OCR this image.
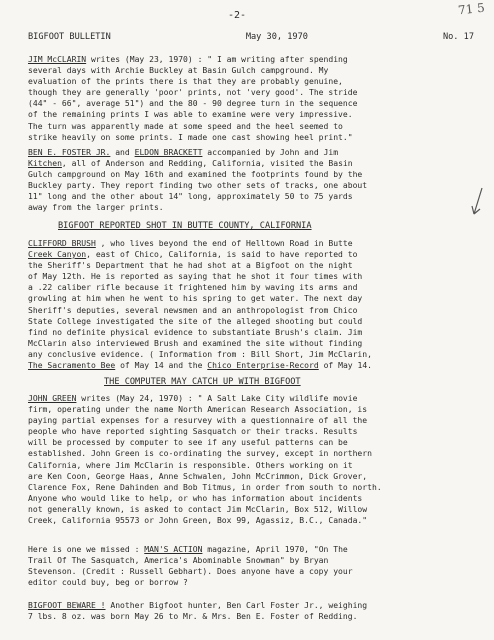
-2-	71 5
BIGFOOT BULLETIN	May 30, 1970	No. 17

JIM McCLARIN writes (May 23, 1970) : " I am writing after spending

several days with Archie Buckley at Basin Gulch campground. My

evaluation of the prints there is that they are probably genuine,

though they are generally 'poor' prints, not 'very good'. The stride

(44" - 66", average 51") and the 80 - 90 degree turn in the sequence

of the remaining prints I was able to examine were very impressive.

The turn was apparently made at some speed and the heel seemed to

strike heavily on some prints. I made one cast showing heel print."

BEN E. FOSTER JR. and ELDON BRACKETT accompanied by John and Jim

Kitchen, all of Anderson and Redding, California, visited the Basin

Gulch campground on May 16th and examined the footprints found by the

Buckley party. They report finding two other sets of tracks, one about

11" long and the other about 14" long, approximately 50 to 75 yards

away from the larger prints.

BIGFOOT REPORTED SHOT IN BUTTE COUNTY, CALIFORNIA

CLIFFORD BRUSH , who lives beyond the end of Helltown Road in Butte

Creek Canyon, east of Chico, California, is said to have reported to

the Sheriff's Department that he had shot at a Bigfoot on the night

of May 12th. He is reported as saying that he shot it four times with

a .22 caliber rifle because it frightened him by waving its arms and

growling at him when he went to his spring to get water. The next day

Sheriff's deputies, several newsmen and an anthropologist from Chico

State College investigated the site of the alleged shooting but could

find no definite physical evidence to substantiate Brush's claim. Jim

McClarin also interviewed Brush and examined the site without finding

any conclusive evidence. ( Information from : Bill Short, Jim McClarin,

The Sacramento Bee of May 14 and the Chico Enterprise-Record of May 14.

THE COMPUTER MAY CATCH UP WITH BIGFOOT

JOHN GREEN writes (May 24, 1970) : " A Salt Lake City wildlife movie

firm, operating under the name North American Research Association, is

paying partial expenses for a resurvey with a questionnaire of all the

people who have reported sighting Sasquatch or their tracks. Results

will be processed by computer to see if any useful patterns can be

established. John Green is co-ordinating the survey, except in northern

California, where Jim McClarin is responsible. Others working on it

are Ken Coon, George Haas, Anne Schwalen, John McCrimmon, Dick Grover,

Clarence Fox, Rene Dahinden and Bob Titmus, in order from south to north.

Anyone who would like to help, or who has information about incidents

not generally known, is asked to contact Jim McClarin, Box 512, Willow

Creek, California 95573 or John Green, Box 99, Agassiz, B.C., Canada."

Here is one we missed : MAN'S ACTION magazine, April 1970, "On The

Trail Of The Sasquatch, America's Abominable Snowman" by Bryan

Stevenson. (Credit : Russell Gebhart). Does anyone have a copy your

editor could buy, beg or borrow ?

BIGFOOT BEWARE ! Another Bigfoot hunter, Ben Carl Foster Jr., weighing

7 lbs. 8 oz. was born May 26 to Mr. & Mrs. Ben E. Foster of Redding.
